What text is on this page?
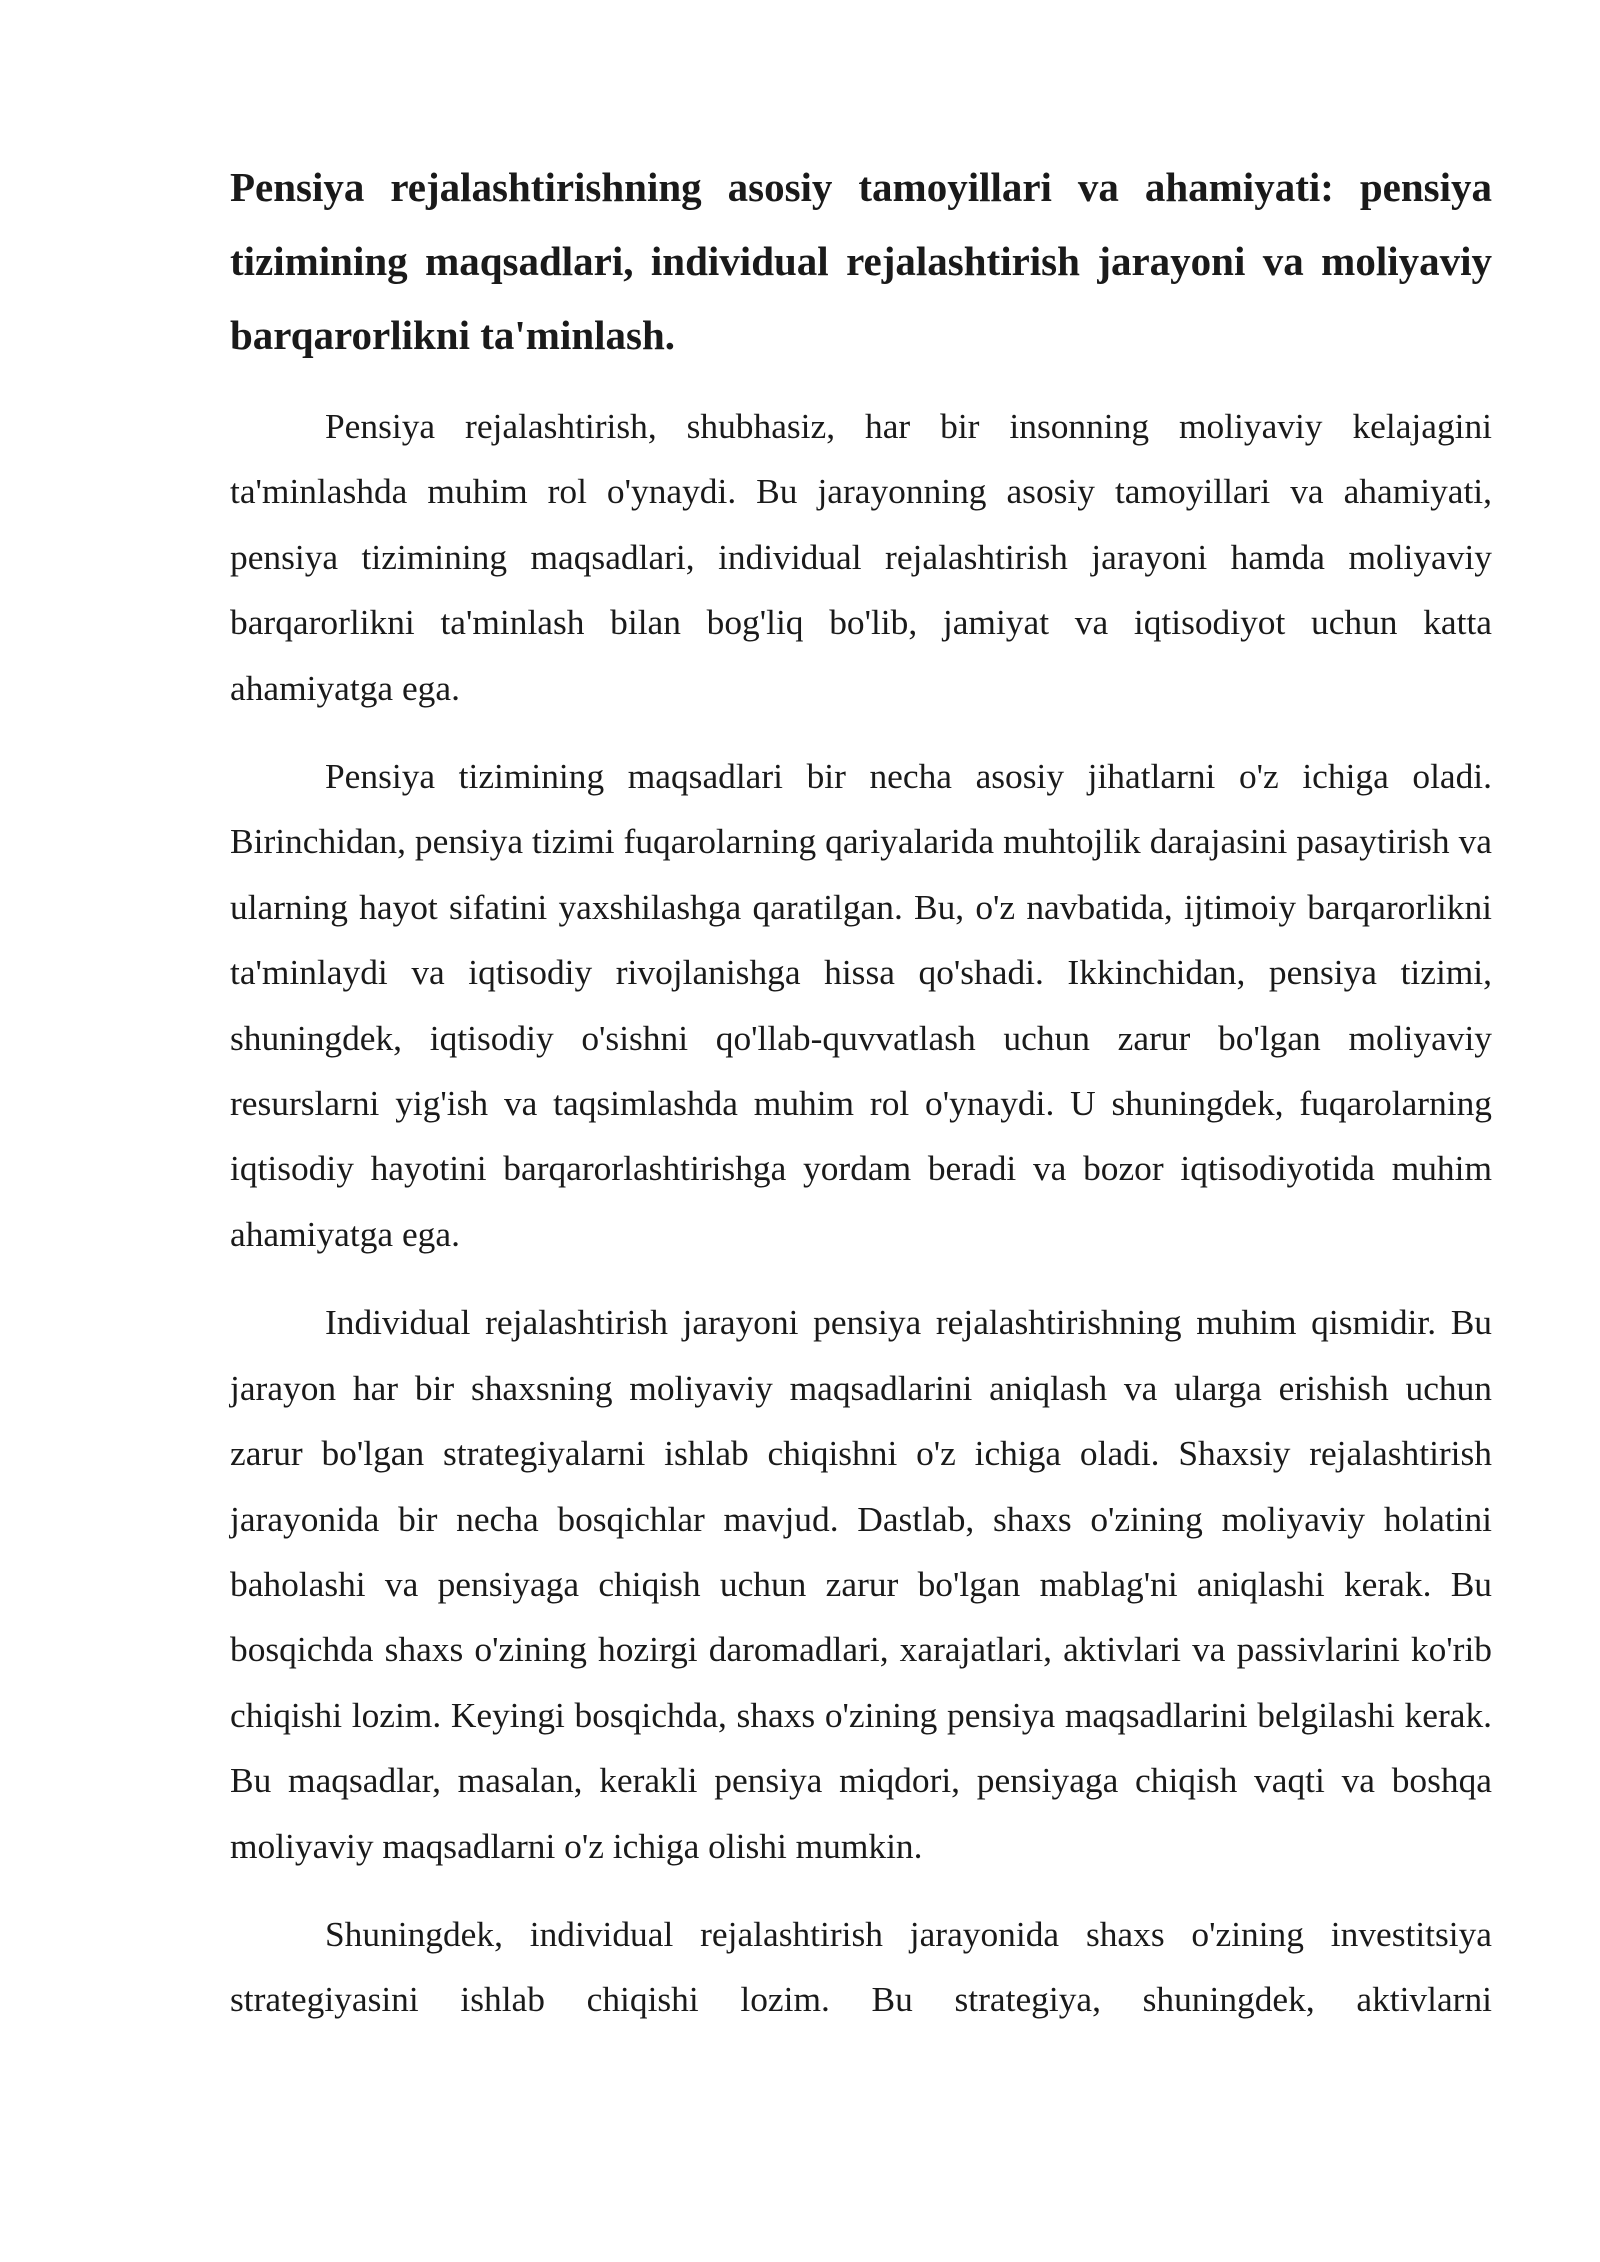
Pensiya rejalashtirishning asosiy tamoyillari va ahamiyati: pensiya tizimining maqsadlari, individual rejalashtirish jarayoni va moliyaviy barqarorlikni ta'minlash.

Pensiya rejalashtirish, shubhasiz, har bir insonning moliyaviy kelajagini ta'minlashda muhim rol o'ynaydi. Bu jarayonning asosiy tamoyillari va ahamiyati, pensiya tizimining maqsadlari, individual rejalashtirish jarayoni hamda moliyaviy barqarorlikni ta'minlash bilan bog'liq bo'lib, jamiyat va iqtisodiyot uchun katta ahamiyatga ega.

Pensiya tizimining maqsadlari bir necha asosiy jihatlarni o'z ichiga oladi. Birinchidan, pensiya tizimi fuqarolarning qariyalarida muhtojlik darajasini pasaytirish va ularning hayot sifatini yaxshilashga qaratilgan. Bu, o'z navbatida, ijtimoiy barqarorlikni ta'minlaydi va iqtisodiy rivojlanishga hissa qo'shadi. Ikkinchidan, pensiya tizimi, shuningdek, iqtisodiy o'sishni qo'llab-quvvatlash uchun zarur bo'lgan moliyaviy resurslarni yig'ish va taqsimlashda muhim rol o'ynaydi. U shuningdek, fuqarolarning iqtisodiy hayotini barqarorlashtirishga yordam beradi va bozor iqtisodiyotida muhim ahamiyatga ega.

Individual rejalashtirish jarayoni pensiya rejalashtirishning muhim qismidir. Bu jarayon har bir shaxsning moliyaviy maqsadlarini aniqlash va ularga erishish uchun zarur bo'lgan strategiyalarni ishlab chiqishni o'z ichiga oladi. Shaxsiy rejalashtirish jarayonida bir necha bosqichlar mavjud. Dastlab, shaxs o'zining moliyaviy holatini baholashi va pensiyaga chiqish uchun zarur bo'lgan mablag'ni aniqlashi kerak. Bu bosqichda shaxs o'zining hozirgi daromadlari, xarajatlari, aktivlari va passivlarini ko'rib chiqishi lozim. Keyingi bosqichda, shaxs o'zining pensiya maqsadlarini belgilashi kerak. Bu maqsadlar, masalan, kerakli pensiya miqdori, pensiyaga chiqish vaqti va boshqa moliyaviy maqsadlarni o'z ichiga olishi mumkin.

Shuningdek, individual rejalashtirish jarayonida shaxs o'zining investitsiya strategiyasini ishlab chiqishi lozim. Bu strategiya, shuningdek, aktivlarni
